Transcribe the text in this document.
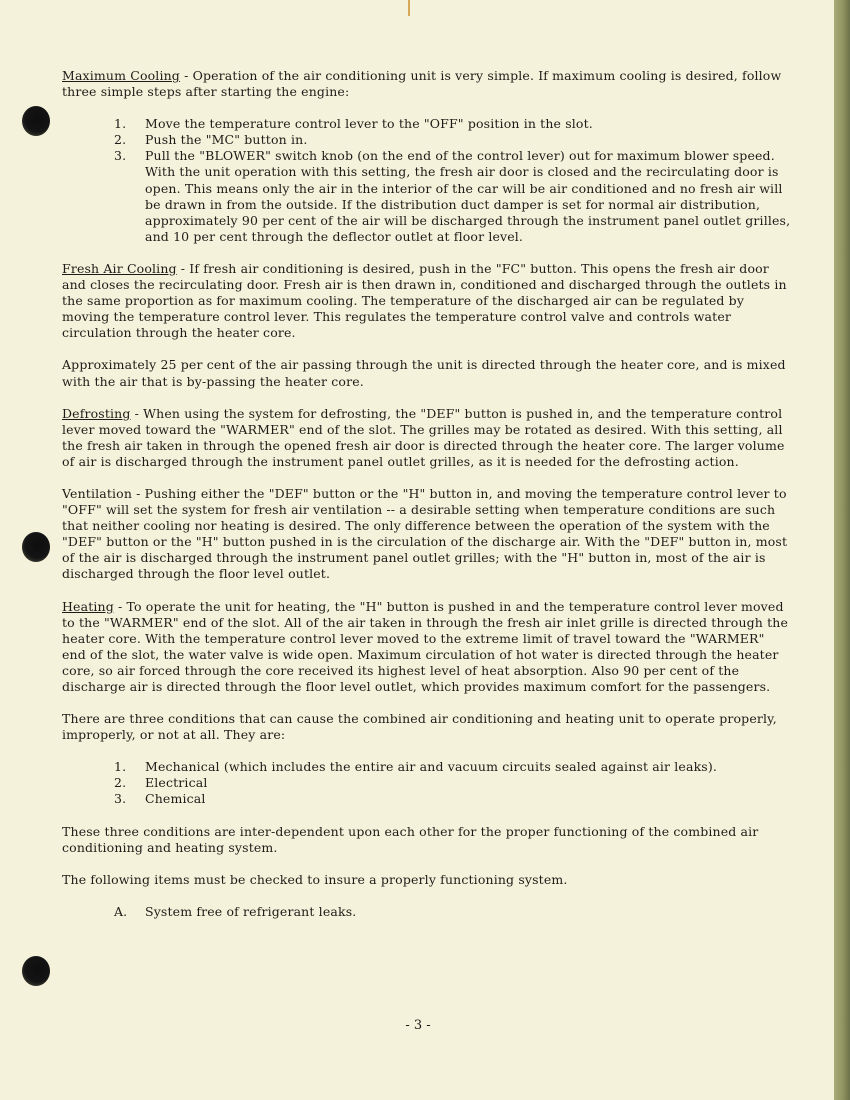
Maximum Cooling - Operation of the air conditioning unit is very simple. If maximum cooling is desired, follow three simple steps after starting the engine:

1. Move the temperature control lever to the "OFF" position in the slot.
2. Push the "MC" button in.
3. Pull the "BLOWER" switch knob (on the end of the control lever) out for maximum blower speed. With the unit operation with this setting, the fresh air door is closed and the recirculating door is open. This means only the air in the interior of the car will be air conditioned and no fresh air will be drawn in from the outside. If the distribution duct damper is set for normal air distribution, approximately 90 per cent of the air will be discharged through the instrument panel outlet grilles, and 10 per cent through the deflector outlet at floor level.

Fresh Air Cooling - If fresh air conditioning is desired, push in the "FC" button. This opens the fresh air door and closes the recirculating door. Fresh air is then drawn in, conditioned and discharged through the outlets in the same proportion as for maximum cooling. The temperature of the discharged air can be regulated by moving the temperature control lever. This regulates the temperature control valve and controls water circulation through the heater core.

Approximately 25 per cent of the air passing through the unit is directed through the heater core, and is mixed with the air that is by-passing the heater core.

Defrosting - When using the system for defrosting, the "DEF" button is pushed in, and the temperature control lever moved toward the "WARMER" end of the slot. The grilles may be rotated as desired. With this setting, all the fresh air taken in through the opened fresh air door is directed through the heater core. The larger volume of air is discharged through the instrument panel outlet grilles, as it is needed for the defrosting action.

Ventilation - Pushing either the "DEF" button or the "H" button in, and moving the temperature control lever to "OFF" will set the system for fresh air ventilation -- a desirable setting when temperature conditions are such that neither cooling nor heating is desired. The only difference between the operation of the system with the "DEF" button or the "H" button pushed in is the circulation of the discharge air. With the "DEF" button in, most of the air is discharged through the instrument panel outlet grilles; with the "H" button in, most of the air is discharged through the floor level outlet.

Heating - To operate the unit for heating, the "H" button is pushed in and the temperature control lever moved to the "WARMER" end of the slot. All of the air taken in through the fresh air inlet grille is directed through the heater core. With the temperature control lever moved to the extreme limit of travel toward the "WARMER" end of the slot, the water valve is wide open. Maximum circulation of hot water is directed through the heater core, so air forced through the core received its highest level of heat absorption. Also 90 per cent of the discharge air is directed through the floor level outlet, which provides maximum comfort for the passengers.

There are three conditions that can cause the combined air conditioning and heating unit to operate properly, improperly, or not at all. They are:

1. Mechanical (which includes the entire air and vacuum circuits sealed against air leaks).
2. Electrical
3. Chemical

These three conditions are inter-dependent upon each other for the proper functioning of the combined air conditioning and heating system.

The following items must be checked to insure a properly functioning system.

A. System free of refrigerant leaks.
- 3 -
